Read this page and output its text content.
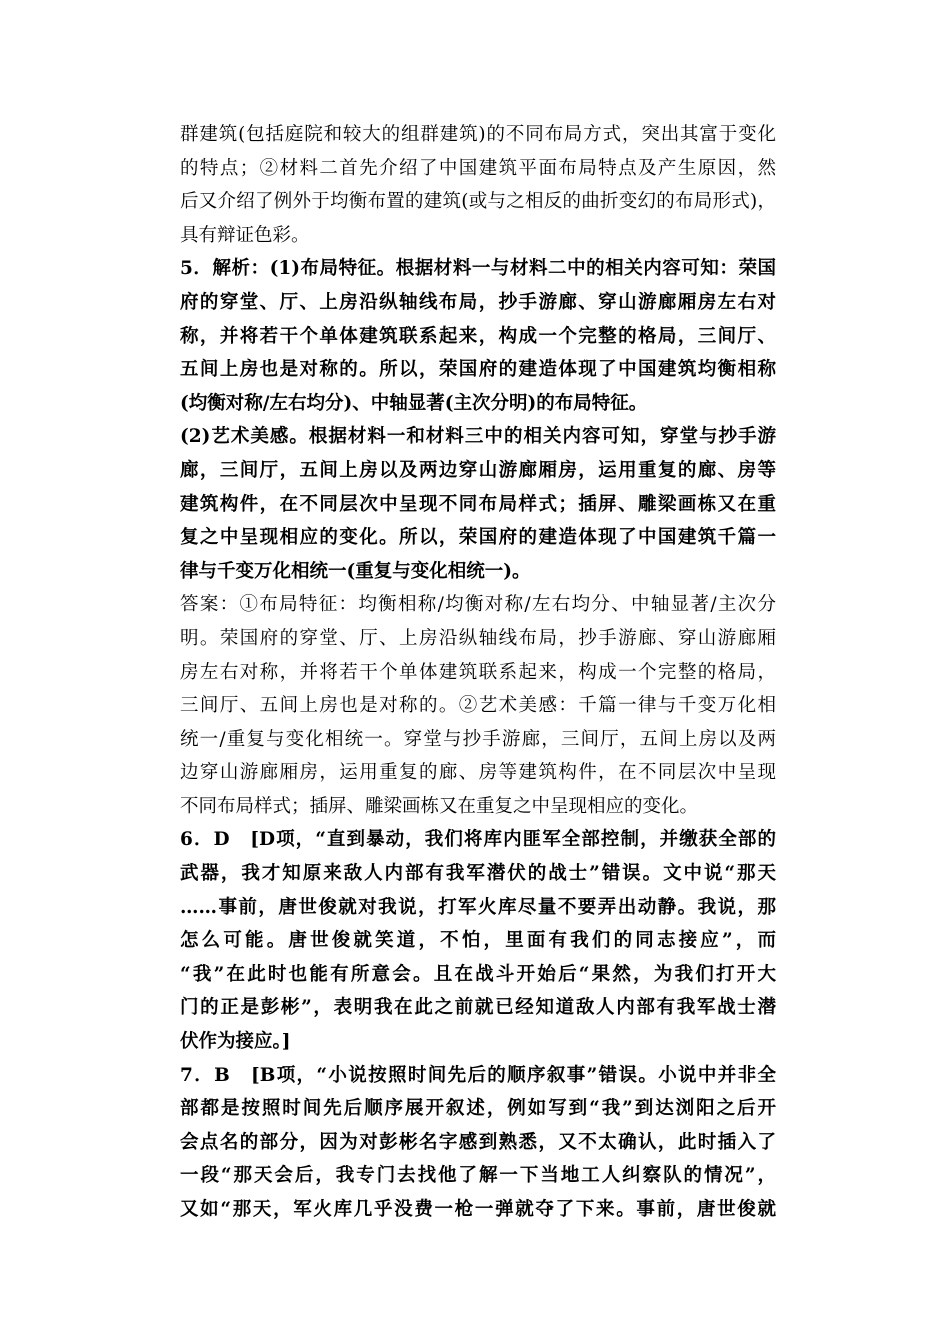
群建筑(包括庭院和较大的组群建筑)的不同布局方式，突出其富于变化
的特点；②材料二首先介绍了中国建筑平面布局特点及产生原因，然
后又介绍了例外于均衡布置的建筑(或与之相反的曲折变幻的布局形式)，
具有辩证色彩。
5．解析：(1)布局特征。根据材料一与材料二中的相关内容可知：荣国
府的穿堂、厅、上房沿纵轴线布局，抄手游廊、穿山游廊厢房左右对
称，并将若干个单体建筑联系起来，构成一个完整的格局，三间厅、
五间上房也是对称的。所以，荣国府的建造体现了中国建筑均衡相称
(均衡对称/左右均分)、中轴显著(主次分明)的布局特征。
(2)艺术美感。根据材料一和材料三中的相关内容可知，穿堂与抄手游
廊，三间厅，五间上房以及两边穿山游廊厢房，运用重复的廊、房等
建筑构件，在不同层次中呈现不同布局样式；插屏、雕梁画栋又在重
复之中呈现相应的变化。所以，荣国府的建造体现了中国建筑千篇一
律与千变万化相统一(重复与变化相统一)。
答案：①布局特征：均衡相称/均衡对称/左右均分、中轴显著/主次分
明。荣国府的穿堂、厅、上房沿纵轴线布局，抄手游廊、穿山游廊厢
房左右对称，并将若干个单体建筑联系起来，构成一个完整的格局，
三间厅、五间上房也是对称的。②艺术美感：千篇一律与千变万化相
统一/重复与变化相统一。穿堂与抄手游廊，三间厅，五间上房以及两
边穿山游廊厢房，运用重复的廊、房等建筑构件，在不同层次中呈现
不同布局样式；插屏、雕梁画栋又在重复之中呈现相应的变化。
6．D　[D项，“直到暴动，我们将库内匪军全部控制，并缴获全部的
武器，我才知原来敌人内部有我军潜伏的战士”错误。文中说“那天
……事前，唐世俊就对我说，打军火库尽量不要弄出动静。我说，那
怎么可能。唐世俊就笑道，不怕，里面有我们的同志接应”，而
“我”在此时也能有所意会。且在战斗开始后“果然，为我们打开大
门的正是彭彬”，表明我在此之前就已经知道敌人内部有我军战士潜
伏作为接应。]
7．B　[B项，“小说按照时间先后的顺序叙事”错误。小说中并非全
部都是按照时间先后顺序展开叙述，例如写到“我”到达浏阳之后开
会点名的部分，因为对彭彬名字感到熟悉，又不太确认，此时插入了
一段“那天会后，我专门去找他了解一下当地工人纠察队的情况”，
又如“那天，军火库几乎没费一枪一弹就夺了下来。事前，唐世俊就
